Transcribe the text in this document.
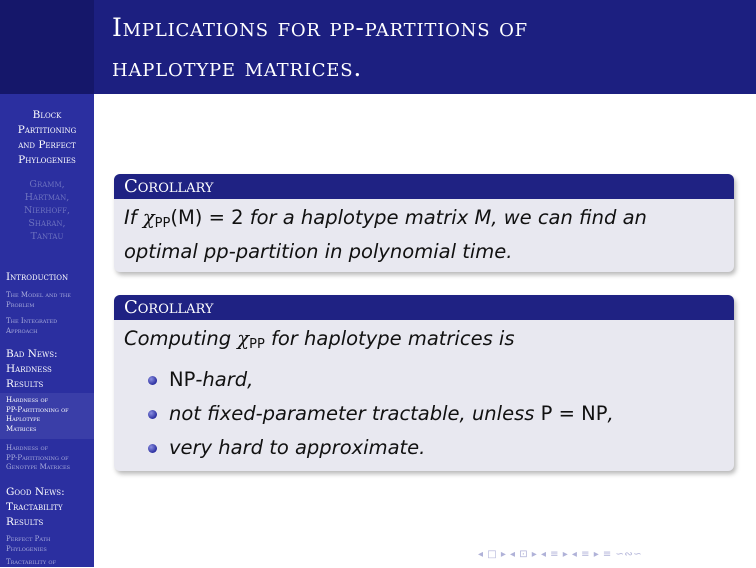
Implications for pp-partitions of
haplotype matrices.
Block
Partitioning
and Perfect
Phylogenies
Gramm,
Hartman,
Nierhoff,
Sharan,
Tantau
Introduction
The Model and the
Problem
The Integrated
Approach
Bad News:
Hardness
Results
Hardness of
PP-Partitioning of
Haplotype
Matrices
Hardness of
PP-Partitioning of
Genotype Matrices
Good News:
Tractability
Results
Perfect Path
Phylogenies
Tractability of
Corollary
If χPP(M) = 2 for a haplotype matrix M, we can find an
optimal pp-partition in polynomial time.
Corollary
Computing χPP for haplotype matrices is
NP-hard,
not fixed-parameter tractable, unless P = NP,
very hard to approximate.
◂ □ ▸ ◂ ⊡ ▸ ◂ ≡ ▸ ◂ ≡ ▸ ≡ ∽∾∽
